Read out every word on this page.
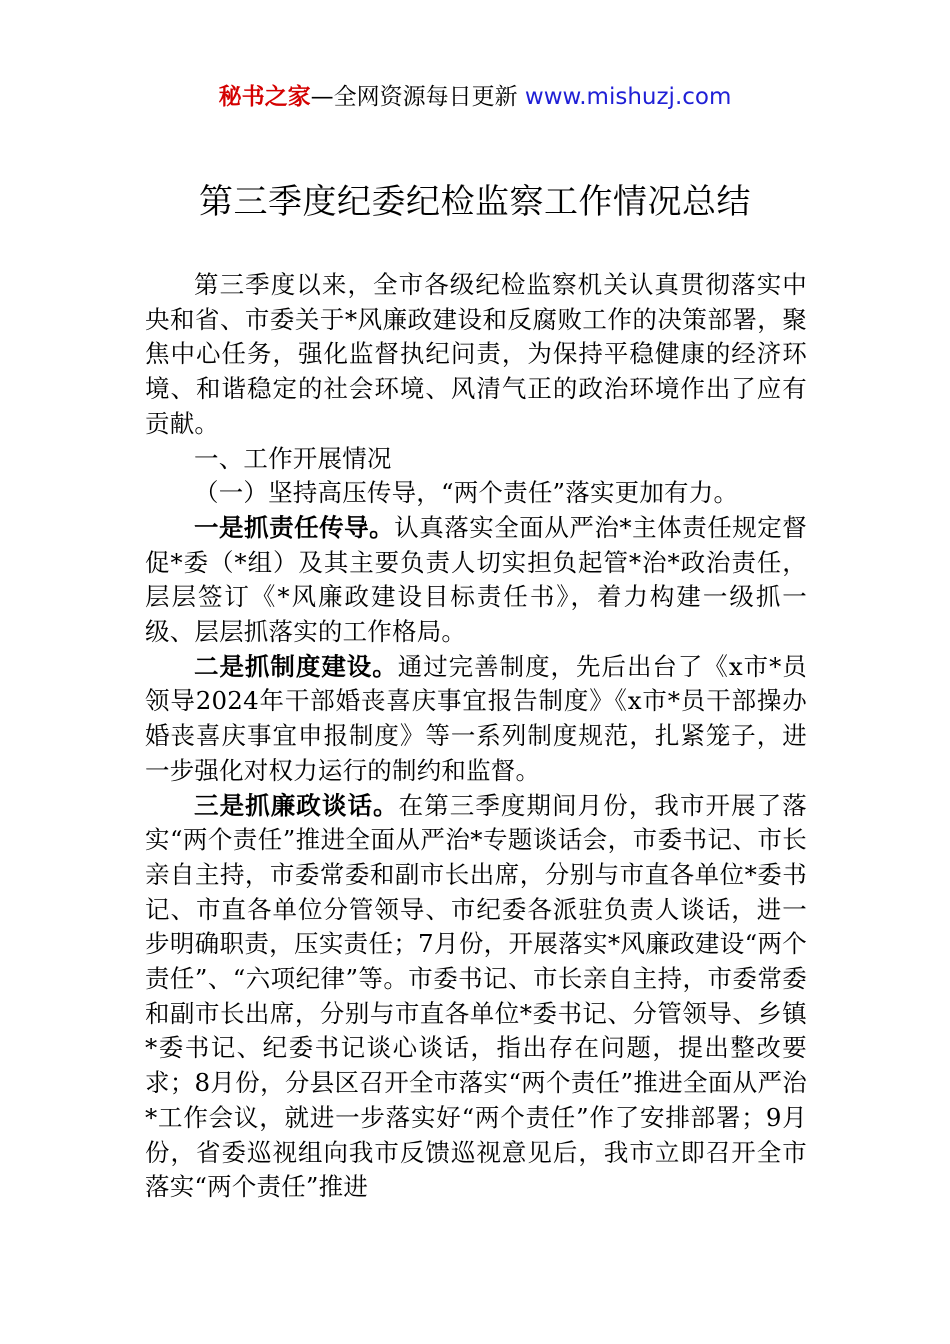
秘书之家—全网资源每日更新 www.mishuzj.com
第三季度纪委纪检监察工作情况总结

第三季度以来，全市各级纪检监察机关认真贯彻落实中央和省、市委关于*风廉政建设和反腐败工作的决策部署，聚焦中心任务，强化监督执纪问责，为保持平稳健康的经济环境、和谐稳定的社会环境、风清气正的政治环境作出了应有贡献。

一、工作开展情况

（一）坚持高压传导，“两个责任”落实更加有力。

一是抓责任传导。认真落实全面从严治*主体责任规定督促*委（*组）及其主要负责人切实担负起管*治*政治责任，层层签订《*风廉政建设目标责任书》，着力构建一级抓一级、层层抓落实的工作格局。

二是抓制度建设。通过完善制度，先后出台了《x市*员领导2024年干部婚丧喜庆事宜报告制度》《x市*员干部操办婚丧喜庆事宜申报制度》等一系列制度规范，扎紧笼子，进一步强化对权力运行的制约和监督。

三是抓廉政谈话。在第三季度期间月份，我市开展了落实“两个责任”推进全面从严治*专题谈话会，市委书记、市长亲自主持，市委常委和副市长出席，分别与市直各单位*委书记、市直各单位分管领导、市纪委各派驻负责人谈话，进一步明确职责，压实责任；7月份，开展落实*风廉政建设“两个责任”、“六项纪律”等。市委书记、市长亲自主持，市委常委和副市长出席，分别与市直各单位*委书记、分管领导、乡镇*委书记、纪委书记谈心谈话，指出存在问题，提出整改要求；8月份，分县区召开全市落实“两个责任”推进全面从严治*工作会议，就进一步落实好“两个责任”作了安排部署；9月份，省委巡视组向我市反馈巡视意见后，我市立即召开全市落实“两个责任”推进
